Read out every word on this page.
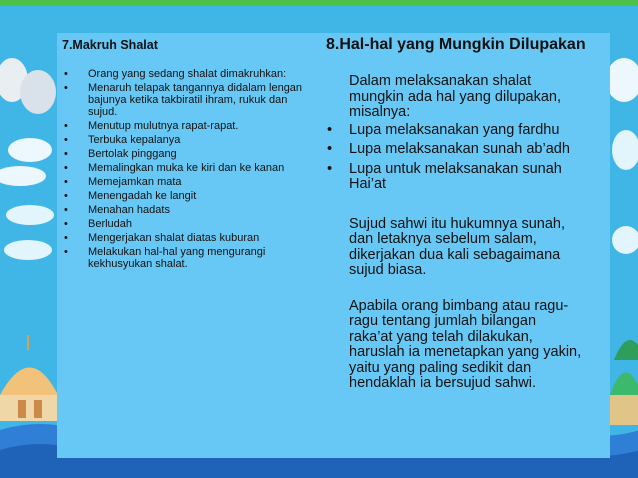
7.Makruh Shalat
• Orang yang sedang shalat dimakruhkan:
• Menaruh telapak tangannya didalam lengan
bajunya ketika takbiratil ihram, rukuk dan
sujud.
• Menutup mulutnya rapat-rapat.
• Terbuka kepalanya
• Bertolak pinggang
• Memalingkan muka ke kiri dan ke kanan
• Memejamkan mata
• Menengadah ke langit
• Menahan hadats
• Berludah
• Mengerjakan shalat diatas kuburan
• Melakukan hal-hal yang mengurangi
kekhusyukan shalat.
8.Hal-hal yang Mungkin Dilupakan

Dalam melaksanakan shalat
mungkin ada hal yang dilupakan,
misalnya:

• Lupa melaksanakan yang fardhu
• Lupa melaksanakan sunah ab’adh
• Lupa untuk melaksanakan sunah
Hai’at

Sujud sahwi itu hukumnya sunah,
dan letaknya sebelum salam,
dikerjakan dua kali sebagaimana
sujud biasa.

Apabila orang bimbang atau ragu-
ragu tentang jumlah bilangan
raka’at yang telah dilakukan,
haruslah ia menetapkan yang yakin,
yaitu yang paling sedikit dan
hendaklah ia bersujud sahwi.
